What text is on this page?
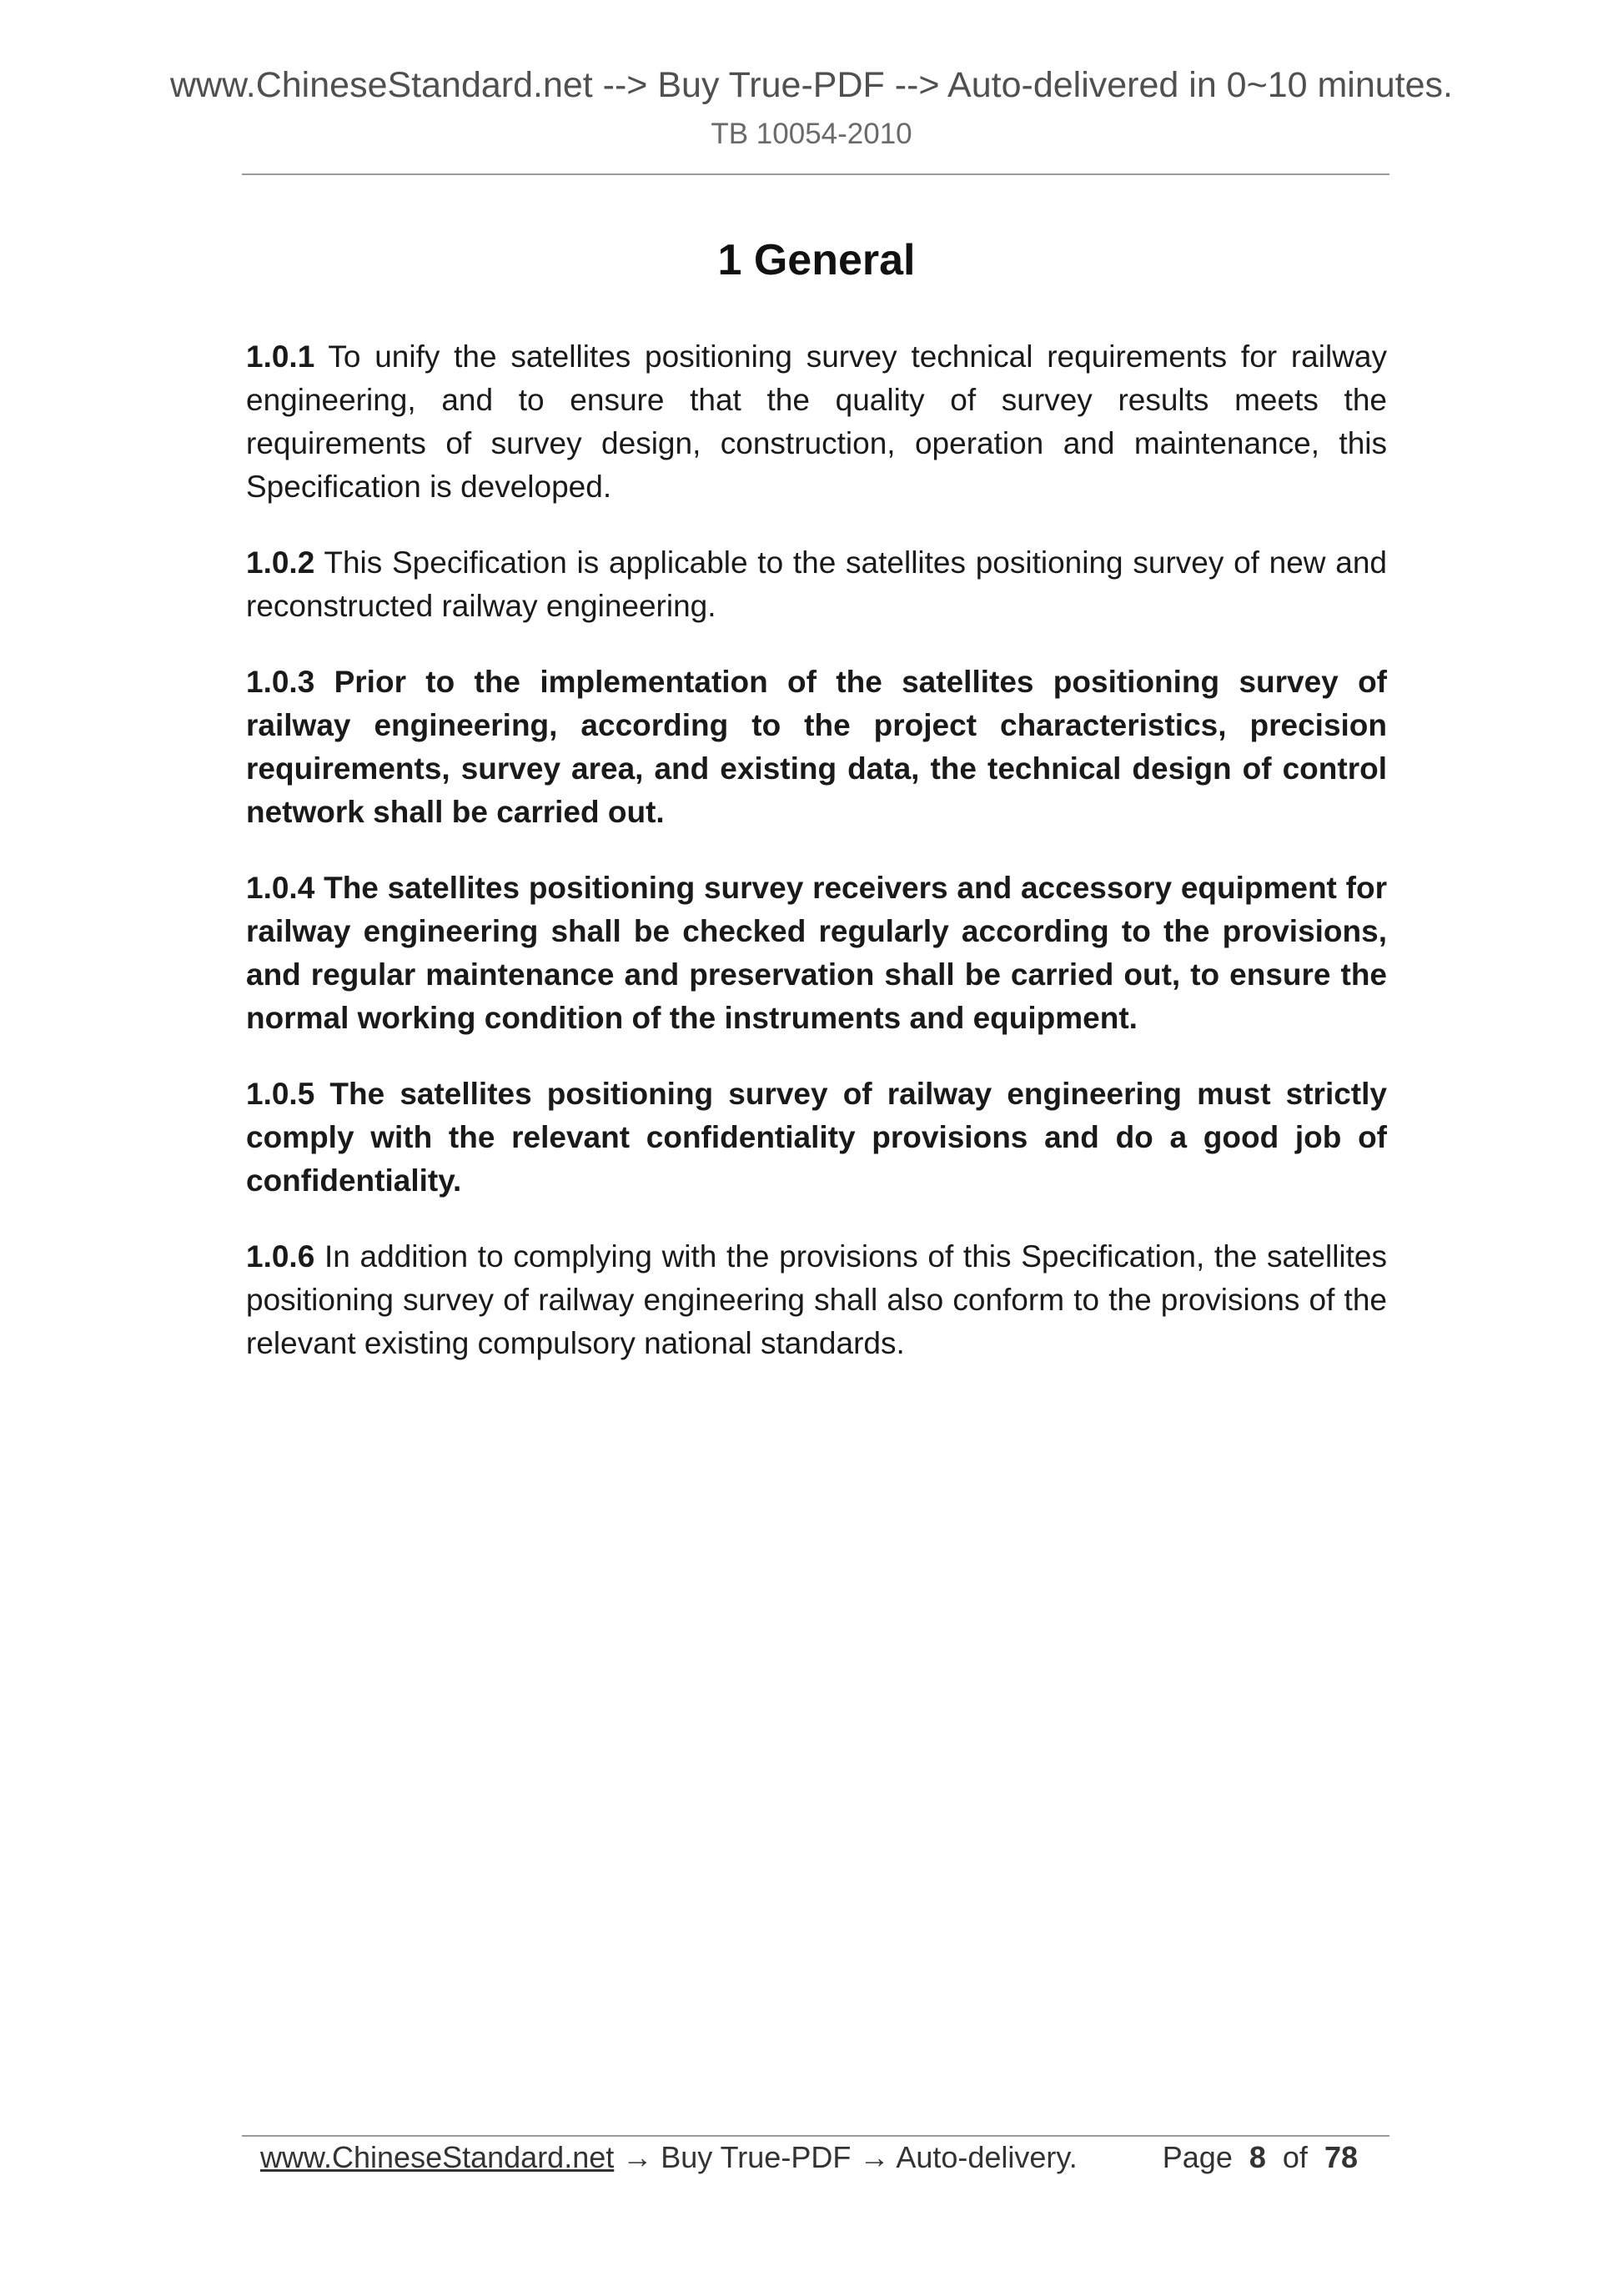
www.ChineseStandard.net --> Buy True-PDF --> Auto-delivered in 0~10 minutes.
TB 10054-2010
1 General

1.0.1 To unify the satellites positioning survey technical requirements for railway engineering, and to ensure that the quality of survey results meets the requirements of survey design, construction, operation and maintenance, this Specification is developed.

1.0.2 This Specification is applicable to the satellites positioning survey of new and reconstructed railway engineering.

1.0.3 Prior to the implementation of the satellites positioning survey of railway engineering, according to the project characteristics, precision requirements, survey area, and existing data, the technical design of control network shall be carried out.

1.0.4 The satellites positioning survey receivers and accessory equipment for railway engineering shall be checked regularly according to the provisions, and regular maintenance and preservation shall be carried out, to ensure the normal working condition of the instruments and equipment.

1.0.5 The satellites positioning survey of railway engineering must strictly comply with the relevant confidentiality provisions and do a good job of confidentiality.

1.0.6 In addition to complying with the provisions of this Specification, the satellites positioning survey of railway engineering shall also conform to the provisions of the relevant existing compulsory national standards.

www.ChineseStandard.net → Buy True-PDF → Auto-delivery.	Page 8 of 78
